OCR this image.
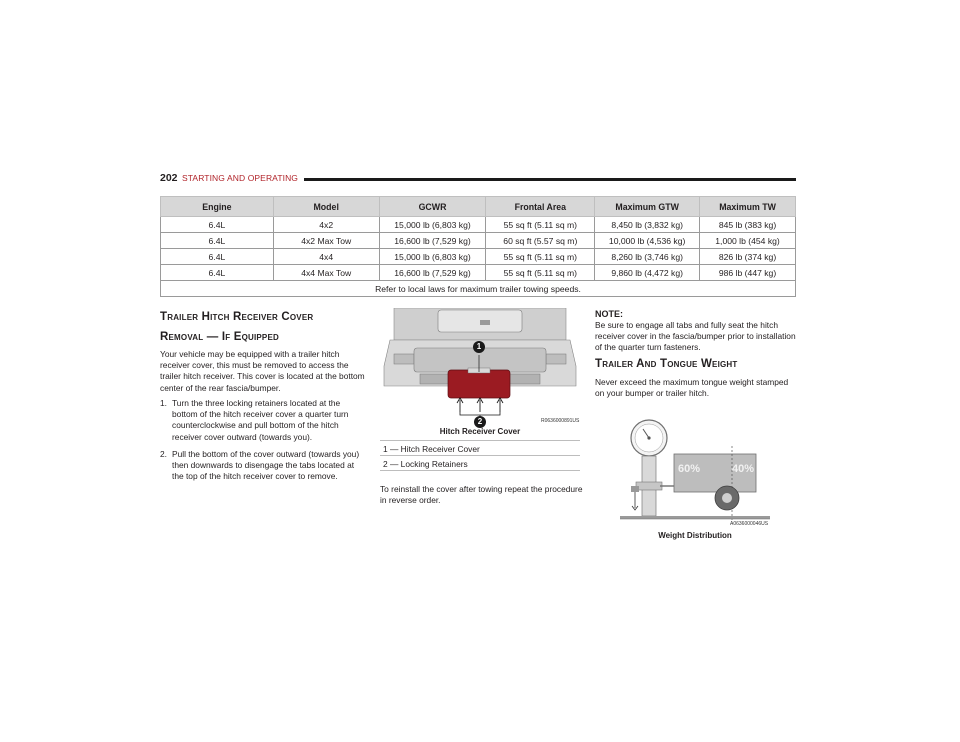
202 STARTING AND OPERATING
Engine	Model	GCWR	Frontal Area	Maximum GTW	Maximum TW
6.4L	4x2	15,000 lb (6,803 kg)	55 sq ft (5.11 sq m)	8,450 lb (3,832 kg)	845 lb (383 kg)
6.4L	4x2 Max Tow	16,600 lb (7,529 kg)	60 sq ft (5.57 sq m)	10,000 lb (4,536 kg)	1,000 lb (454 kg)
6.4L	4x4	15,000 lb (6,803 kg)	55 sq ft (5.11 sq m)	8,260 lb (3,746 kg)	826 lb (374 kg)
6.4L	4x4 Max Tow	16,600 lb (7,529 kg)	55 sq ft (5.11 sq m)	9,860 lb (4,472 kg)	986 lb (447 kg)
Refer to local laws for maximum trailer towing speeds.					
Trailer Hitch Receiver Cover
Removal — If Equipped
Your vehicle may be equipped with a trailer hitch receiver cover, this must be removed to access the trailer hitch receiver. This cover is located at the bottom center of the rear fascia/bumper.
1. Turn the three locking retainers located at the bottom of the hitch receiver cover a quarter turn counterclockwise and pull bottom of the hitch receiver cover outward (towards you).
2. Pull the bottom of the cover outward (towards you) then downwards to disengage the tabs located at the top of the hitch receiver cover to remove.
1
2	R0636000891US
Hitch Receiver Cover
1 — Hitch Receiver Cover
2 — Locking Retainers
To reinstall the cover after towing repeat the procedure in reverse order.
NOTE:
Be sure to engage all tabs and fully seat the hitch receiver cover in the fascia/bumper prior to installation of the quarter turn fasteners.
Trailer And Tongue Weight
Never exceed the maximum tongue weight stamped on your bumper or trailer hitch.
60%	40%
A0636000046US
Weight Distribution
